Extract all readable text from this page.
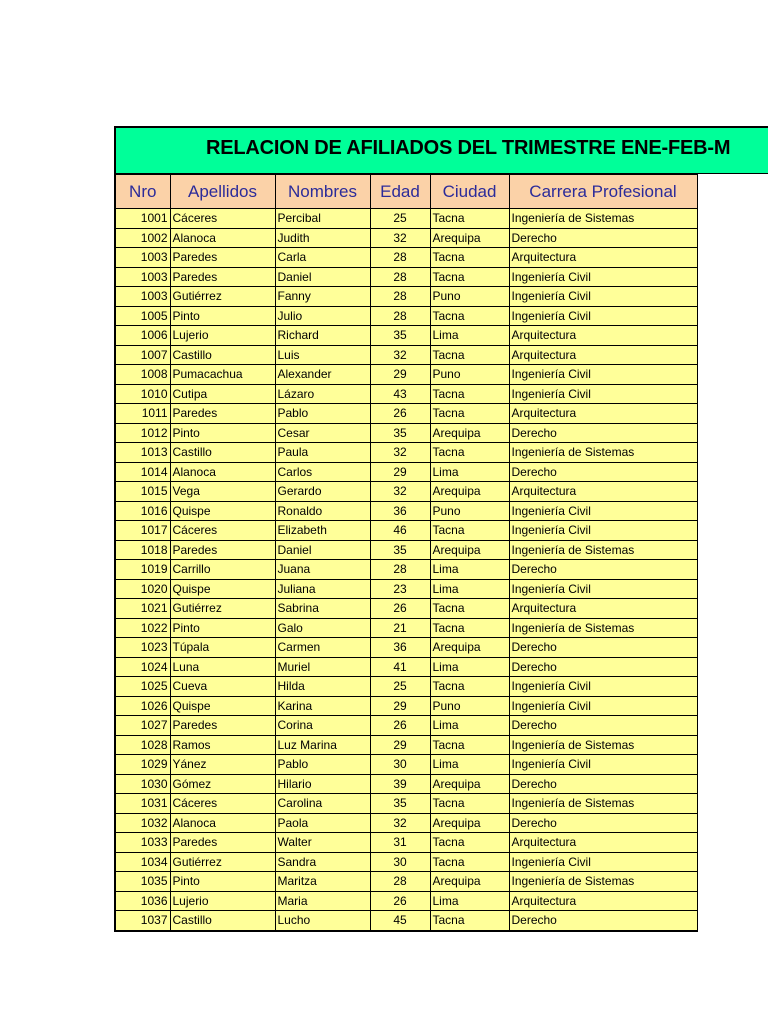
RELACION DE AFILIADOS DEL TRIMESTRE ENE-FEB-M
Nro	Apellidos	Nombres	Edad	Ciudad	Carrera Profesional
1001	Cáceres	Percibal	25	Tacna	Ingeniería de Sistemas
1002	Alanoca	Judith	32	Arequipa	Derecho
1003	Paredes	Carla	28	Tacna	Arquitectura
1003	Paredes	Daniel	28	Tacna	Ingeniería Civil
1003	Gutiérrez	Fanny	28	Puno	Ingeniería Civil
1005	Pinto	Julio	28	Tacna	Ingeniería Civil
1006	Lujerio	Richard	35	Lima	Arquitectura
1007	Castillo	Luis	32	Tacna	Arquitectura
1008	Pumacachua	Alexander	29	Puno	Ingeniería Civil
1010	Cutipa	Lázaro	43	Tacna	Ingeniería Civil
1011	Paredes	Pablo	26	Tacna	Arquitectura
1012	Pinto	Cesar	35	Arequipa	Derecho
1013	Castillo	Paula	32	Tacna	Ingeniería de Sistemas
1014	Alanoca	Carlos	29	Lima	Derecho
1015	Vega	Gerardo	32	Arequipa	Arquitectura
1016	Quispe	Ronaldo	36	Puno	Ingeniería Civil
1017	Cáceres	Elizabeth	46	Tacna	Ingeniería Civil
1018	Paredes	Daniel	35	Arequipa	Ingeniería de Sistemas
1019	Carrillo	Juana	28	Lima	Derecho
1020	Quispe	Juliana	23	Lima	Ingeniería Civil
1021	Gutiérrez	Sabrina	26	Tacna	Arquitectura
1022	Pinto	Galo	21	Tacna	Ingeniería de Sistemas
1023	Túpala	Carmen	36	Arequipa	Derecho
1024	Luna	Muriel	41	Lima	Derecho
1025	Cueva	Hilda	25	Tacna	Ingeniería Civil
1026	Quispe	Karina	29	Puno	Ingeniería Civil
1027	Paredes	Corina	26	Lima	Derecho
1028	Ramos	Luz Marina	29	Tacna	Ingeniería de Sistemas
1029	Yánez	Pablo	30	Lima	Ingeniería Civil
1030	Gómez	Hilario	39	Arequipa	Derecho
1031	Cáceres	Carolina	35	Tacna	Ingeniería de Sistemas
1032	Alanoca	Paola	32	Arequipa	Derecho
1033	Paredes	Walter	31	Tacna	Arquitectura
1034	Gutiérrez	Sandra	30	Tacna	Ingeniería Civil
1035	Pinto	Maritza	28	Arequipa	Ingeniería de Sistemas
1036	Lujerio	Maria	26	Lima	Arquitectura
1037	Castillo	Lucho	45	Tacna	Derecho
